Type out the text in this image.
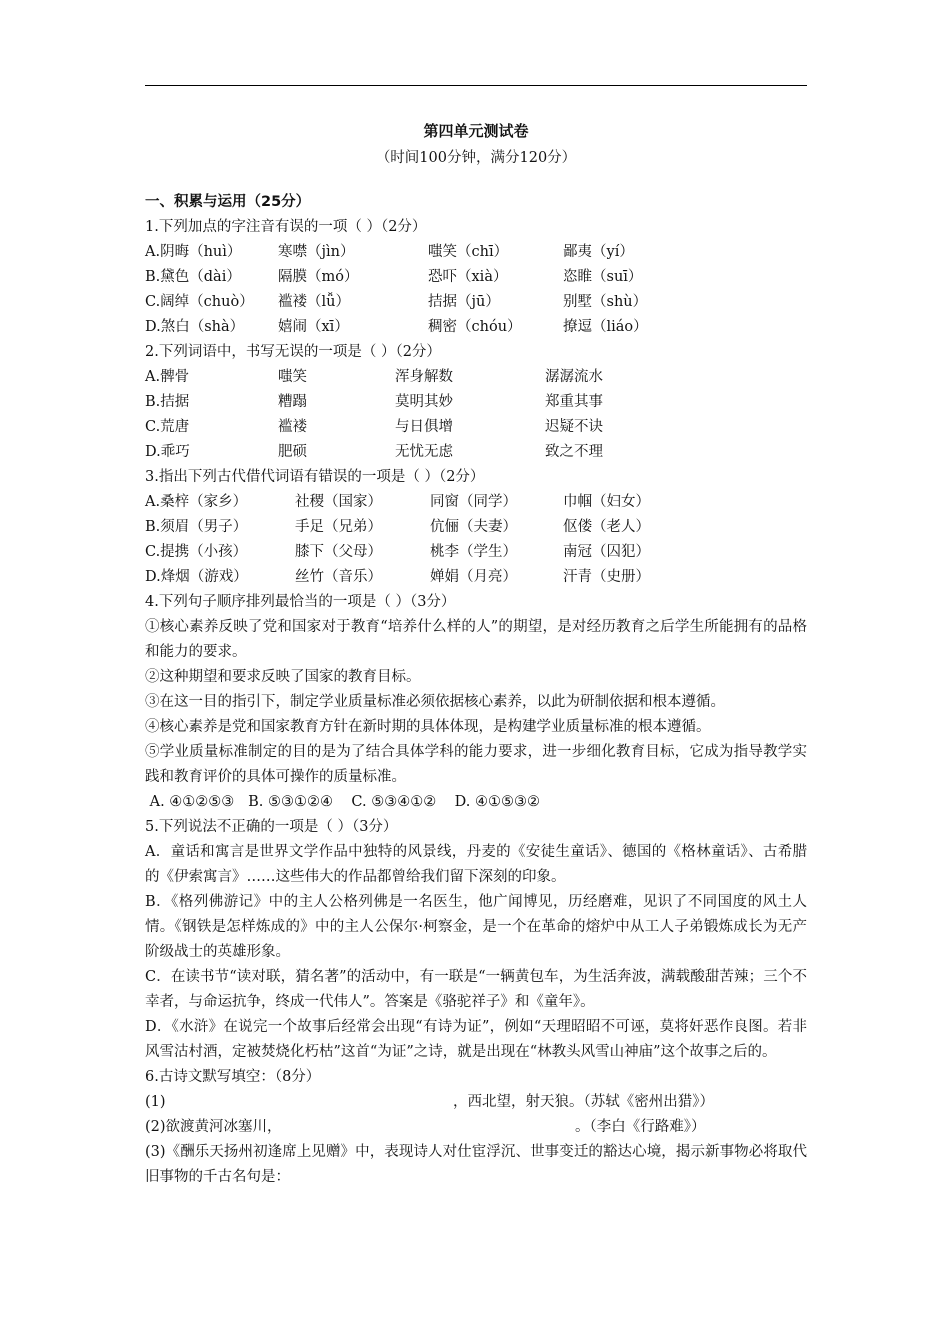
第四单元测试卷
（时间100分钟，满分120分）
一、积累与运用（25分）
1.下列加点的字注音有误的一项（ ）（2分）
A.阴晦（huì）	寒噤（jìn）	嗤笑（chī）	鄙夷（yí）
B.黛色（dài）	隔膜（mó）	恐吓（xià）	恣睢（suī）
C.阔绰（chuò） 褴褛（lǚ）	拮据（jū）	别墅（shù）
D.煞白（shà） 嬉闹（xī）	稠密（chóu）	撩逗（liáo）
2.下列词语中，书写无误的一项是（ ）（2分）
A.髀骨	嗤笑	浑身解数	潺潺流水
B.拮据	糟蹋	莫明其妙	郑重其事
C.荒唐	褴褛	与日俱增	迟疑不诀
D.乖巧	肥硕	无忧无虑	致之不理
3.指出下列古代借代词语有错误的一项是（ ）（2分）
A.桑梓（家乡）	社稷（国家）	同窗（同学）	巾帼（妇女）
B.须眉（男子）	手足（兄弟）	伉俪（夫妻）	伛偻（老人）
C.提携（小孩）	膝下（父母）	桃李（学生）	南冠（囚犯）
D.烽烟（游戏）	丝竹（音乐）	婵娟（月亮）	汗青（史册）
4.下列句子顺序排列最恰当的一项是（ ）（3分）
①核心素养反映了党和国家对于教育“培养什么样的人”的期望，是对经历教育之后学生所能拥有的品格和能力的要求。
②这种期望和要求反映了国家的教育目标。
③在这一目的指引下，制定学业质量标准必须依据核心素养，以此为研制依据和根本遵循。
④核心素养是党和国家教育方针在新时期的具体体现，是构建学业质量标准的根本遵循。
⑤学业质量标准制定的目的是为了结合具体学科的能力要求，进一步细化教育目标，它成为指导教学实践和教育评价的具体可操作的质量标准。
A. ④①②⑤③   B. ⑤③①②④    C. ⑤③④①②    D. ④①⑤③②
5.下列说法不正确的一项是（ ）（3分）
A．童话和寓言是世界文学作品中独特的风景线，丹麦的《安徒生童话》、德国的《格林童话》、古希腊的《伊索寓言》……这些伟大的作品都曾给我们留下深刻的印象。
B．《格列佛游记》中的主人公格列佛是一名医生，他广闻博见，历经磨难，见识了不同国度的风土人情。《钢铁是怎样炼成的》中的主人公保尔·柯察金，是一个在革命的熔炉中从工人子弟锻炼成长为无产阶级战士的英雄形象。
C．在读书节“读对联，猜名著”的活动中，有一联是“一辆黄包车，为生活奔波，满载酸甜苦辣；三个不幸者，与命运抗争，终成一代伟人”。答案是《骆驼祥子》和《童年》。
D．《水浒》在说完一个故事后经常会出现“有诗为证”，例如“天理昭昭不可诬，莫将奸恶作良图。若非风雪沽村酒，定被焚烧化朽枯”这首“为证”之诗，就是出现在“林教头风雪山神庙”这个故事之后的。
6.古诗文默写填空：（8分）
(1)	，西北望，射天狼。（苏轼《密州出猎》）
(2)欲渡黄河冰塞川，	。（李白《行路难》）
(3)《酬乐天扬州初逢席上见赠》中，表现诗人对仕宦浮沉、世事变迁的豁达心境，揭示新事物必将取代旧事物的千古名句是：
